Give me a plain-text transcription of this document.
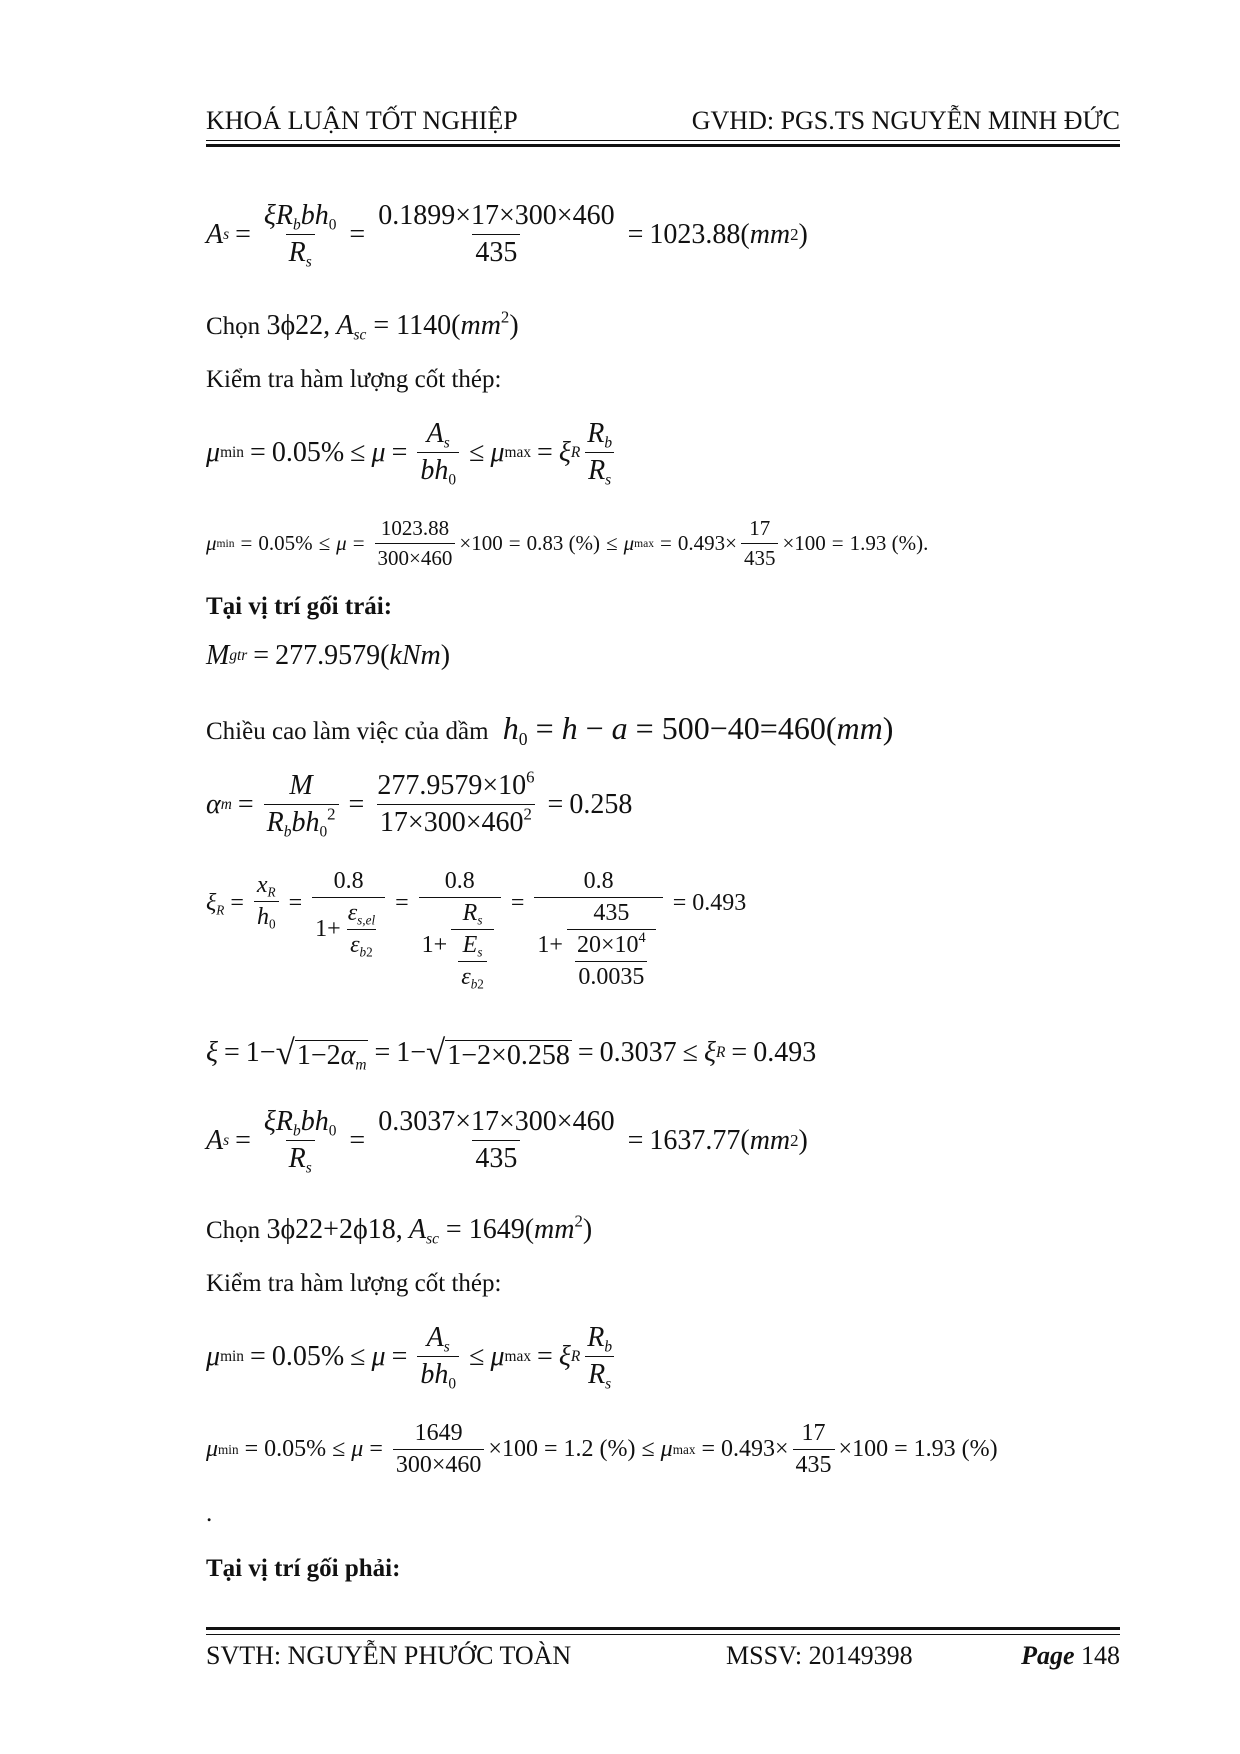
KHOÁ LUẬN TỐT NGHIỆP	GVHD: PGS.TS NGUYỄN MINH ĐỨC
A s =
$\xi R_bbh_0$
$R_s$
= $\frac{0.1899\times 17\times 300\times 460}{435} = 1023.88$ ( mm 2 )
Chọn 3ϕ22, $A_{sc} = 1140(mm^2)$
Kiểm tra hàm lượng cốt thép:
μ $\min = 0.05\% \le \mu = \frac{A_s}{bh_0} \le \mu$ max = ξ R
$R_b$
$R_s$
μ $\min = 0.05\% \le \mu = \frac{1023.88}{300\times 460} \times 100 = 0.83$ (%) ≤ μ $\max = 0.493 \times \frac{17}{435} \times 100 = 1.93$ (%).
Tại vị trí gối trái:
M gtr = 277.9579 ( kNm )
Chiều cao làm việc của dầm $h_0 = h - a = 500-40=460(mm)$
α m =
M
$R_bbh_0^2 = \frac{277.9579\times 10^6}{17\times 300\times 460^2} = 0.258$
$\xi_R = \frac{x_R}{h_0}$ =
0.8
1+
$\varepsilon_{s,el}$
$\varepsilon_{b2}$
=
0.8
1+
$R_s$
$E_s$
$\varepsilon_{b2}$
= 0.8
1+
435
$\frac{20\times 10^4}{0.0035} = 0.493$
ξ = 1− √ $1-2\alpha_m = 1-$ √ 1−2×0.258 = 0.3037 ≤ ξ R = 0.493
A s =
$\xi R_bbh_0$
$R_s$
= $\frac{0.3037\times 17\times 300\times 460}{435} = 1637.77$ ( mm 2 )
Chọn 3ϕ22+2ϕ18, $A_{sc} = 1649(mm^2)$
Kiểm tra hàm lượng cốt thép:
μ $\min = 0.05\% \le \mu = \frac{A_s}{bh_0} \le \mu$ max = ξ R
$R_b$
$R_s$
μ $\min = 0.05\% \le \mu = \frac{1649}{300\times 460} \times 100 = 1.2$ (%) ≤ μ $\max = 0.493 \times \frac{17}{435} \times 100 = 1.93$ (%)
.
Tại vị trí gối phải:
SVTH: NGUYỄN PHƯỚC TOÀN	MSSV: 20149398	Page 148
